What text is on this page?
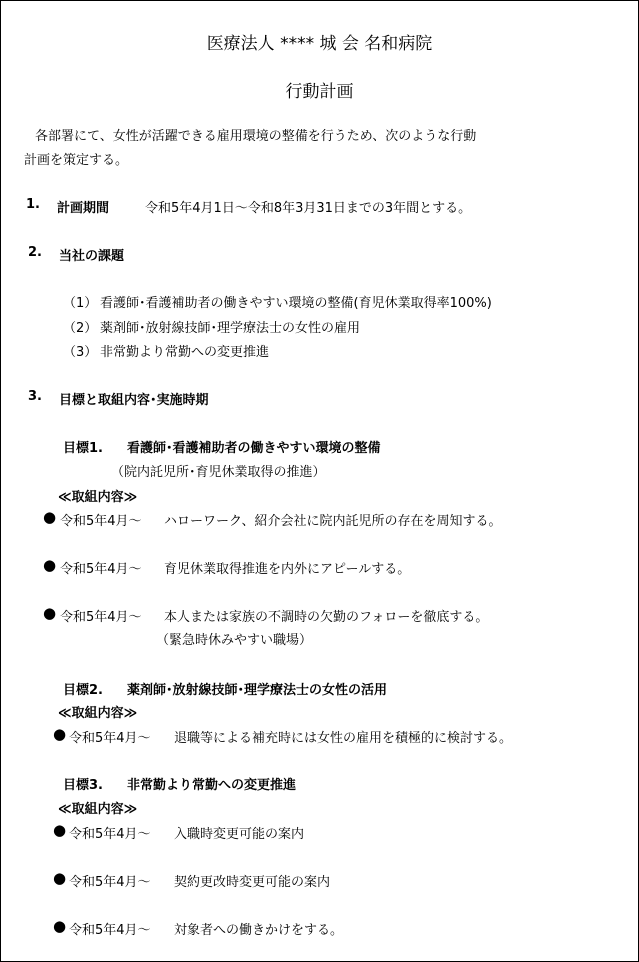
医療法人 **** 城 会 名和病院
行動計画
各部署にて、女性が活躍できる雇用環境の整備を行うため、次のような行動
計画を策定する。
1. 計画期間	令和5年4月1日～令和8年3月31日までの3年間とする。
2. 当社の課題
（1） 看護師･看護補助者の働きやすい環境の整備(育児休業取得率100%)
（2） 薬剤師･放射線技師･理学療法士の女性の雇用
（3） 非常勤より常勤への変更推進
3. 目標と取組内容･実施時期
目標1. 看護師･看護補助者の働きやすい環境の整備
（院内託児所･育児休業取得の推進）
≪取組内容≫
● 令和5年4月～ ハローワーク、紹介会社に院内託児所の存在を周知する。
● 令和5年4月～ 育児休業取得推進を内外にアピールする。
● 令和5年4月～ 本人または家族の不調時の欠勤のフォローを徹底する。
（緊急時休みやすい職場）
目標2. 薬剤師･放射線技師･理学療法士の女性の活用
≪取組内容≫
● 令和5年4月～ 退職等による補充時には女性の雇用を積極的に検討する。
目標3. 非常勤より常勤への変更推進
≪取組内容≫
● 令和5年4月～ 入職時変更可能の案内
● 令和5年4月～ 契約更改時変更可能の案内
● 令和5年4月～ 対象者への働きかけをする。
